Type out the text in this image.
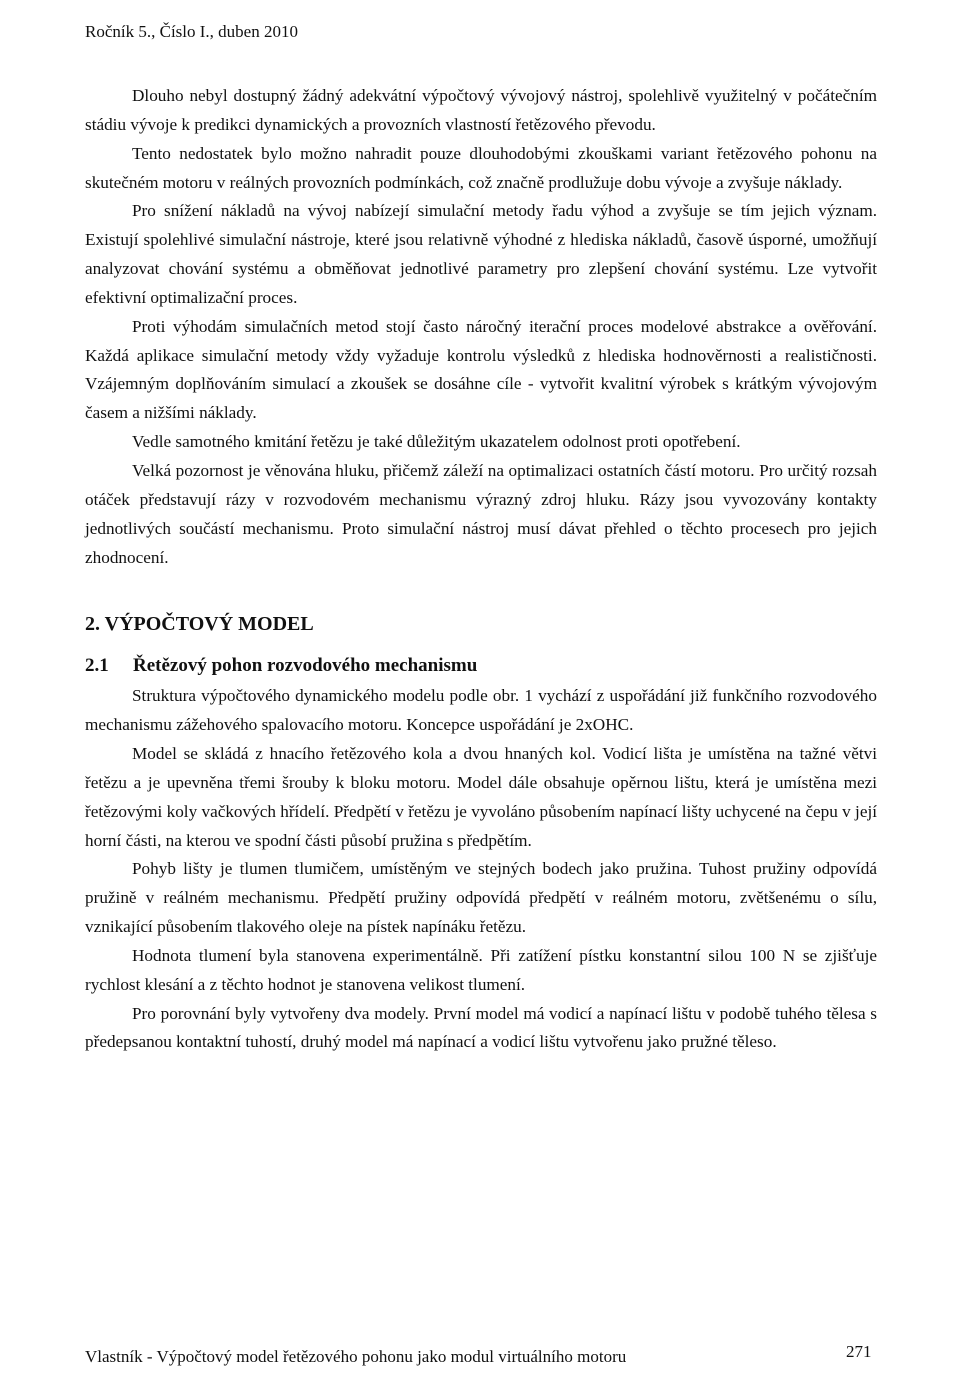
Ročník 5., Číslo I., duben 2010

Dlouho nebyl dostupný žádný adekvátní výpočtový vývojový nástroj, spolehlivě využitelný v počátečním stádiu vývoje k predikci dynamických a provozních vlastností řetězového převodu.

Tento nedostatek bylo možno nahradit pouze dlouhodobými zkouškami variant řetězového pohonu na skutečném motoru v reálných provozních podmínkách, což značně prodlužuje dobu vývoje a zvyšuje náklady.

Pro snížení nákladů na vývoj nabízejí simulační metody řadu výhod a zvyšuje se tím jejich význam. Existují spolehlivé simulační nástroje, které jsou relativně výhodné z hlediska nákladů, časově úsporné, umožňují analyzovat chování systému a obměňovat jednotlivé parametry pro zlepšení chování systému. Lze vytvořit efektivní optimalizační proces.

Proti výhodám simulačních metod stojí často náročný iterační proces modelové abstrakce a ověřování. Každá aplikace simulační metody vždy vyžaduje kontrolu výsledků z hlediska hodnověrnosti a realističnosti. Vzájemným doplňováním simulací a zkoušek se dosáhne cíle - vytvořit kvalitní výrobek s krátkým vývojovým časem a nižšími náklady.

Vedle samotného kmitání řetězu je také důležitým ukazatelem odolnost proti opotřebení.

Velká pozornost je věnována hluku, přičemž záleží na optimalizaci ostatních částí motoru. Pro určitý rozsah otáček představují rázy v rozvodovém mechanismu výrazný zdroj hluku. Rázy jsou vyvozovány kontakty jednotlivých součástí mechanismu. Proto simulační nástroj musí dávat přehled o těchto procesech pro jejich zhodnocení.

2. VÝPOČTOVÝ MODEL
2.1 Řetězový pohon rozvodového mechanismu

Struktura výpočtového dynamického modelu podle obr. 1 vychází z uspořádání již funkčního rozvodového mechanismu zážehového spalovacího motoru. Koncepce uspořádání je 2xOHC.

Model se skládá z hnacího řetězového kola a dvou hnaných kol. Vodicí lišta je umístěna na tažné větvi řetězu a je upevněna třemi šrouby k bloku motoru. Model dále obsahuje opěrnou lištu, která je umístěna mezi řetězovými koly vačkových hřídelí. Předpětí v řetězu je vyvoláno působením napínací lišty uchycené na čepu v její horní části, na kterou ve spodní části působí pružina s předpětím.

Pohyb lišty je tlumen tlumičem, umístěným ve stejných bodech jako pružina. Tuhost pružiny odpovídá pružině v reálném mechanismu. Předpětí pružiny odpovídá předpětí v reálném motoru, zvětšenému o sílu, vznikající působením tlakového oleje na pístek napínáku řetězu.

Hodnota tlumení byla stanovena experimentálně. Při zatížení pístku konstantní silou 100 N se zjišťuje rychlost klesání a z těchto hodnot je stanovena velikost tlumení.

Pro porovnání byly vytvořeny dva modely. První model má vodicí a napínací lištu v podobě tuhého tělesa s předepsanou kontaktní tuhostí, druhý model má napínací a vodicí lištu vytvořenu jako pružné těleso.

Vlastník - Výpočtový model řetězového pohonu jako modul virtuálního motoru	271
